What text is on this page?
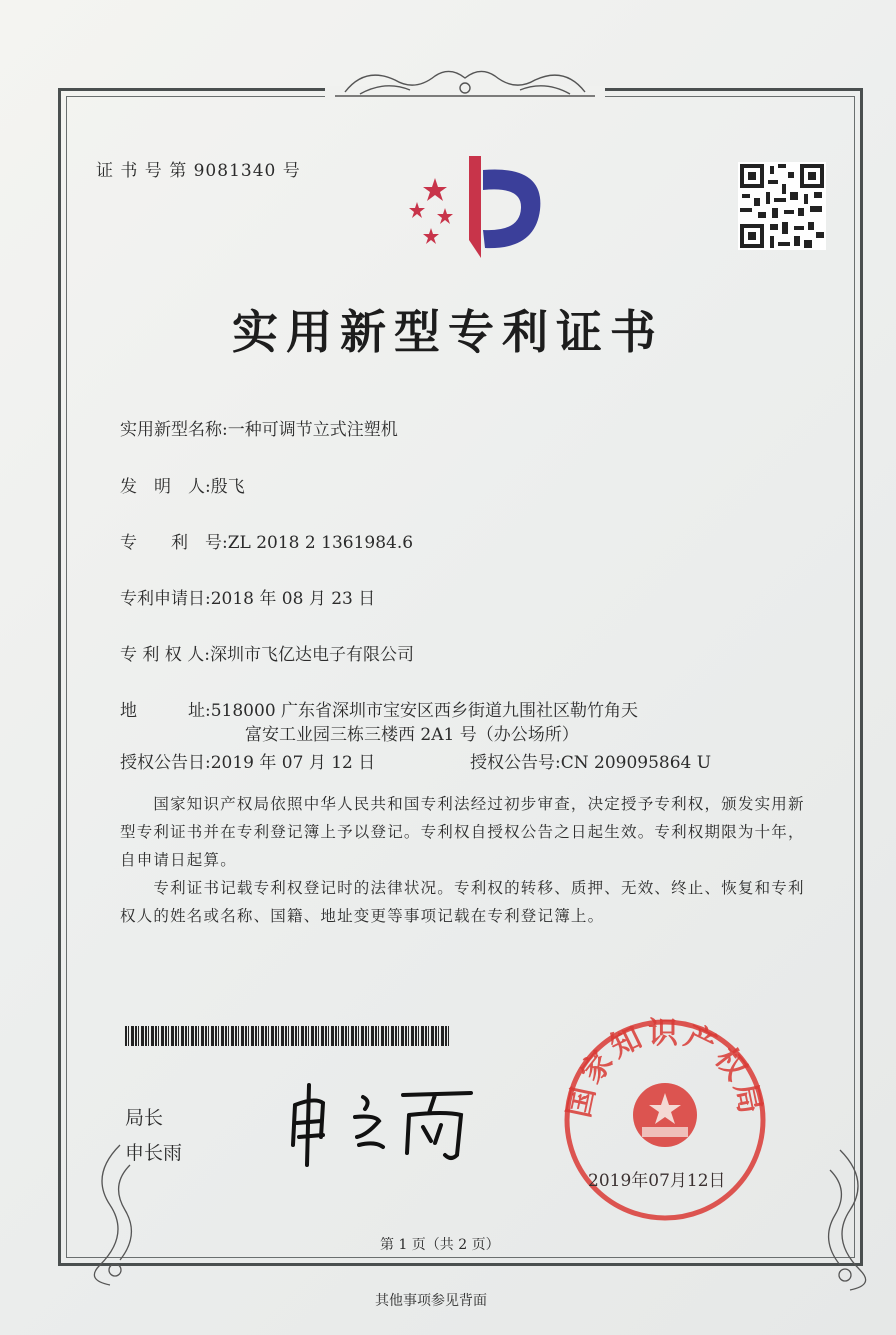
证 书 号 第 9081340 号
实用新型专利证书
实用新型名称:一种可调节立式注塑机
发　明　人:殷飞
专　　利　号:ZL 2018 2 1361984.6
专利申请日:2018 年 08 月 23 日
专 利 权 人:深圳市飞亿达电子有限公司
地　　　址:518000 广东省深圳市宝安区西乡街道九围社区勒竹角天
富安工业园三栋三楼西 2A1 号（办公场所）
授权公告日:2019 年 07 月 12 日	授权公告号:CN 209095864 U
　　国家知识产权局依照中华人民共和国专利法经过初步审查，决定授予专利权，颁发实用新型专利证书并在专利登记簿上予以登记。专利权自授权公告之日起生效。专利权期限为十年，自申请日起算。
　　专利证书记载专利权登记时的法律状况。专利权的转移、质押、无效、终止、恢复和专利权人的姓名或名称、国籍、地址变更等事项记载在专利登记簿上。
局长
申长雨
国家知识产权局
2019年07月12日
第 1 页（共 2 页）
其他事项参见背面
